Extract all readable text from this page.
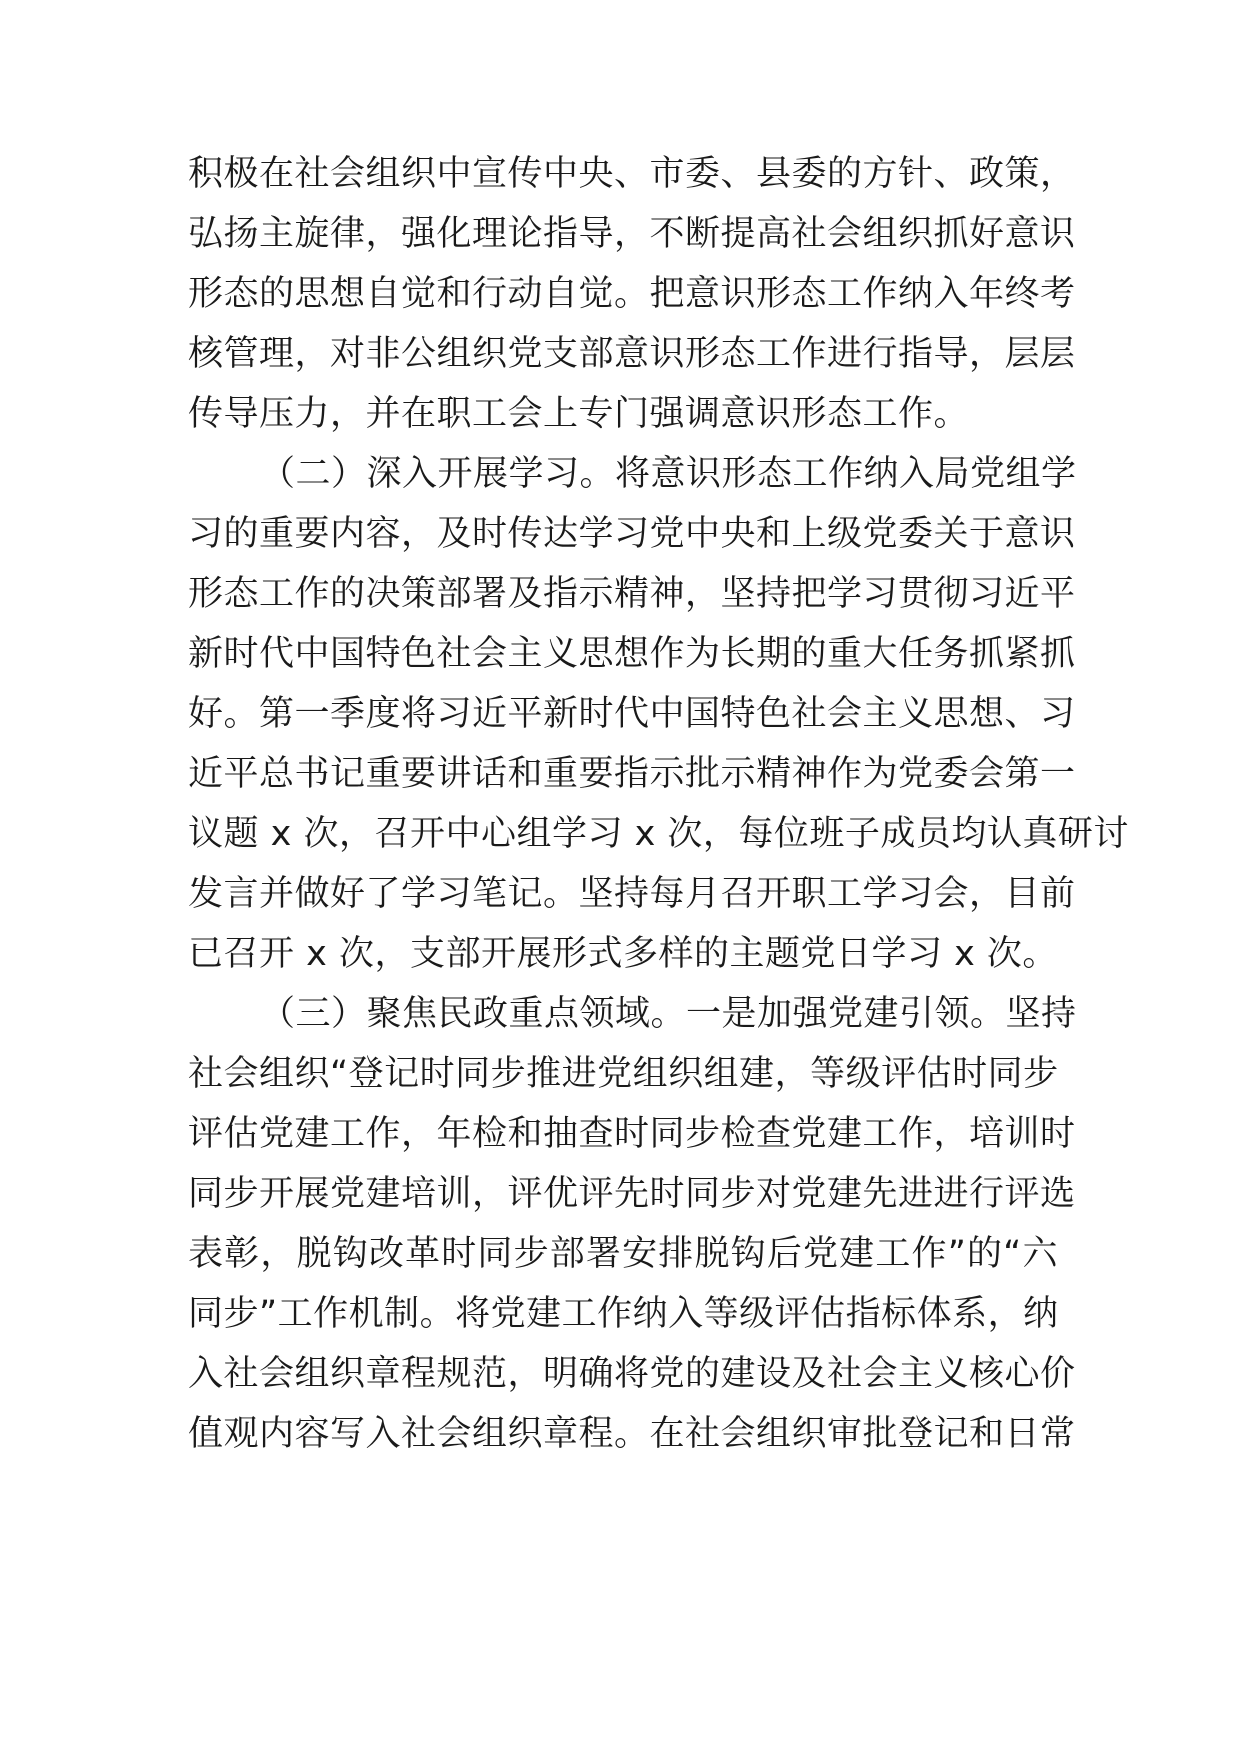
积极在社会组织中宣传中央、市委、县委的方针、政策，
弘扬主旋律，强化理论指导，不断提高社会组织抓好意识
形态的思想自觉和行动自觉。把意识形态工作纳入年终考
核管理，对非公组织党支部意识形态工作进行指导，层层
传导压力，并在职工会上专门强调意识形态工作。
（二）深入开展学习。将意识形态工作纳入局党组学
习的重要内容，及时传达学习党中央和上级党委关于意识
形态工作的决策部署及指示精神，坚持把学习贯彻习近平
新时代中国特色社会主义思想作为长期的重大任务抓紧抓
好。第一季度将习近平新时代中国特色社会主义思想、习
近平总书记重要讲话和重要指示批示精神作为党委会第一
议题 x 次，召开中心组学习 x 次，每位班子成员均认真研讨
发言并做好了学习笔记。坚持每月召开职工学习会，目前
已召开 x 次，支部开展形式多样的主题党日学习 x 次。
（三）聚焦民政重点领域。一是加强党建引领。坚持
社会组织“登记时同步推进党组织组建，等级评估时同步
评估党建工作，年检和抽查时同步检查党建工作，培训时
同步开展党建培训，评优评先时同步对党建先进进行评选
表彰，脱钩改革时同步部署安排脱钩后党建工作”的“六
同步”工作机制。将党建工作纳入等级评估指标体系，纳
入社会组织章程规范，明确将党的建设及社会主义核心价
值观内容写入社会组织章程。在社会组织审批登记和日常
